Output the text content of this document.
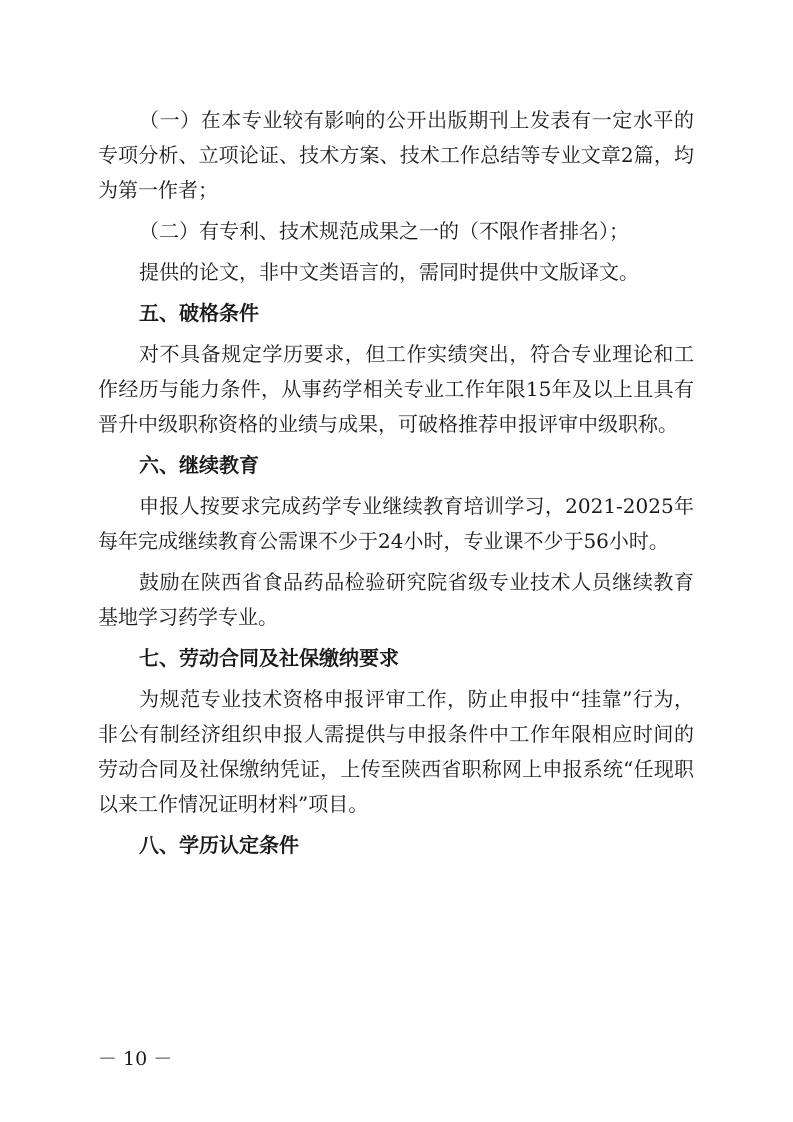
（一）在本专业较有影响的公开出版期刊上发表有一定水平的专项分析、立项论证、技术方案、技术工作总结等专业文章2篇，均为第一作者；

（二）有专利、技术规范成果之一的（不限作者排名）；

提供的论文，非中文类语言的，需同时提供中文版译文。

五、破格条件

对不具备规定学历要求，但工作实绩突出，符合专业理论和工作经历与能力条件，从事药学相关专业工作年限15年及以上且具有晋升中级职称资格的业绩与成果，可破格推荐申报评审中级职称。

六、继续教育

申报人按要求完成药学专业继续教育培训学习，2021-2025年每年完成继续教育公需课不少于24小时，专业课不少于56小时。

鼓励在陕西省食品药品检验研究院省级专业技术人员继续教育基地学习药学专业。

七、劳动合同及社保缴纳要求

为规范专业技术资格申报评审工作，防止申报中“挂靠”行为，非公有制经济组织申报人需提供与申报条件中工作年限相应时间的劳动合同及社保缴纳凭证，上传至陕西省职称网上申报系统“任现职以来工作情况证明材料”项目。

八、学历认定条件

－ 10 －
